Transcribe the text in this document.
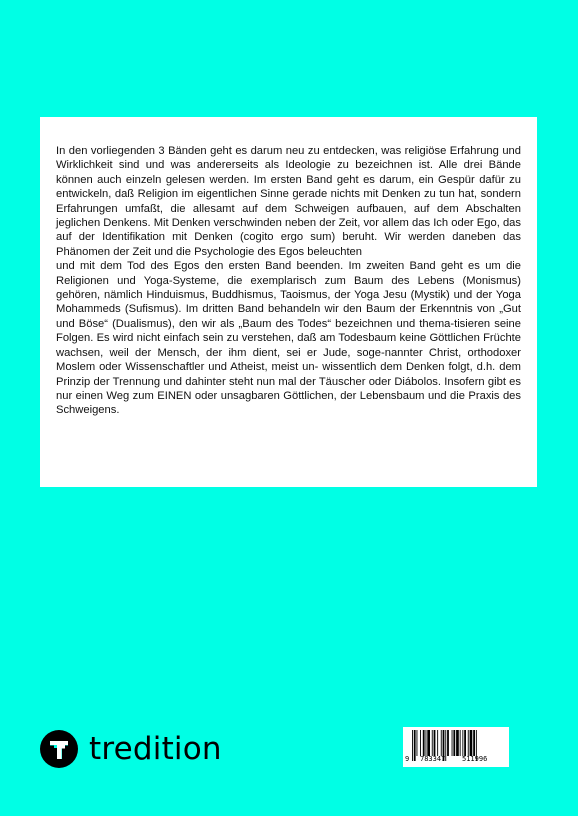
In den vorliegenden 3 Bänden geht es darum neu zu entdecken, was religiöse Erfahrung und Wirklichkeit sind und was andererseits als Ideologie zu bezeichnen ist. Alle drei Bände können auch einzeln gelesen werden. Im ersten Band geht es darum, ein Gespür dafür zu entwickeln, daß Religion im eigentlichen Sinne gerade nichts mit Denken zu tun hat, sondern Erfahrungen umfaßt, die allesamt auf dem Schweigen aufbauen, auf dem Abschalten jeglichen Denkens. Mit Denken verschwinden neben der Zeit, vor allem das Ich oder Ego, das auf der Identifikation mit Denken (cogito ergo sum) beruht. Wir werden daneben das Phänomen der Zeit und die Psychologie des Egos beleuchten

und mit dem Tod des Egos den ersten Band beenden. Im zweiten Band geht es um die Religionen und Yoga-Systeme, die exemplarisch zum Baum des Lebens (Monismus) gehören, nämlich Hinduismus, Buddhismus, Taoismus, der Yoga Jesu (Mystik) und der Yoga Mohammeds (Sufismus). Im dritten Band behandeln wir den Baum der Erkenntnis von „Gut und Böse“ (Dualismus), den wir als „Baum des Todes“ bezeichnen und thema-tisieren seine Folgen. Es wird nicht einfach sein zu verstehen, daß am Todesbaum keine Göttlichen Früchte wachsen, weil der Mensch, der ihm dient, sei er Jude, soge-nannter Christ, orthodoxer Moslem oder Wissenschaftler und Atheist, meist un- wissentlich dem Denken folgt, d.h. dem Prinzip der Trennung und dahinter steht nun mal der Täuscher oder Diábolos. Insofern gibt es nur einen Weg zum EINEN oder unsagbaren Göttlichen, der Lebensbaum und die Praxis des Schweigens.

tredition	9 783347 511996
